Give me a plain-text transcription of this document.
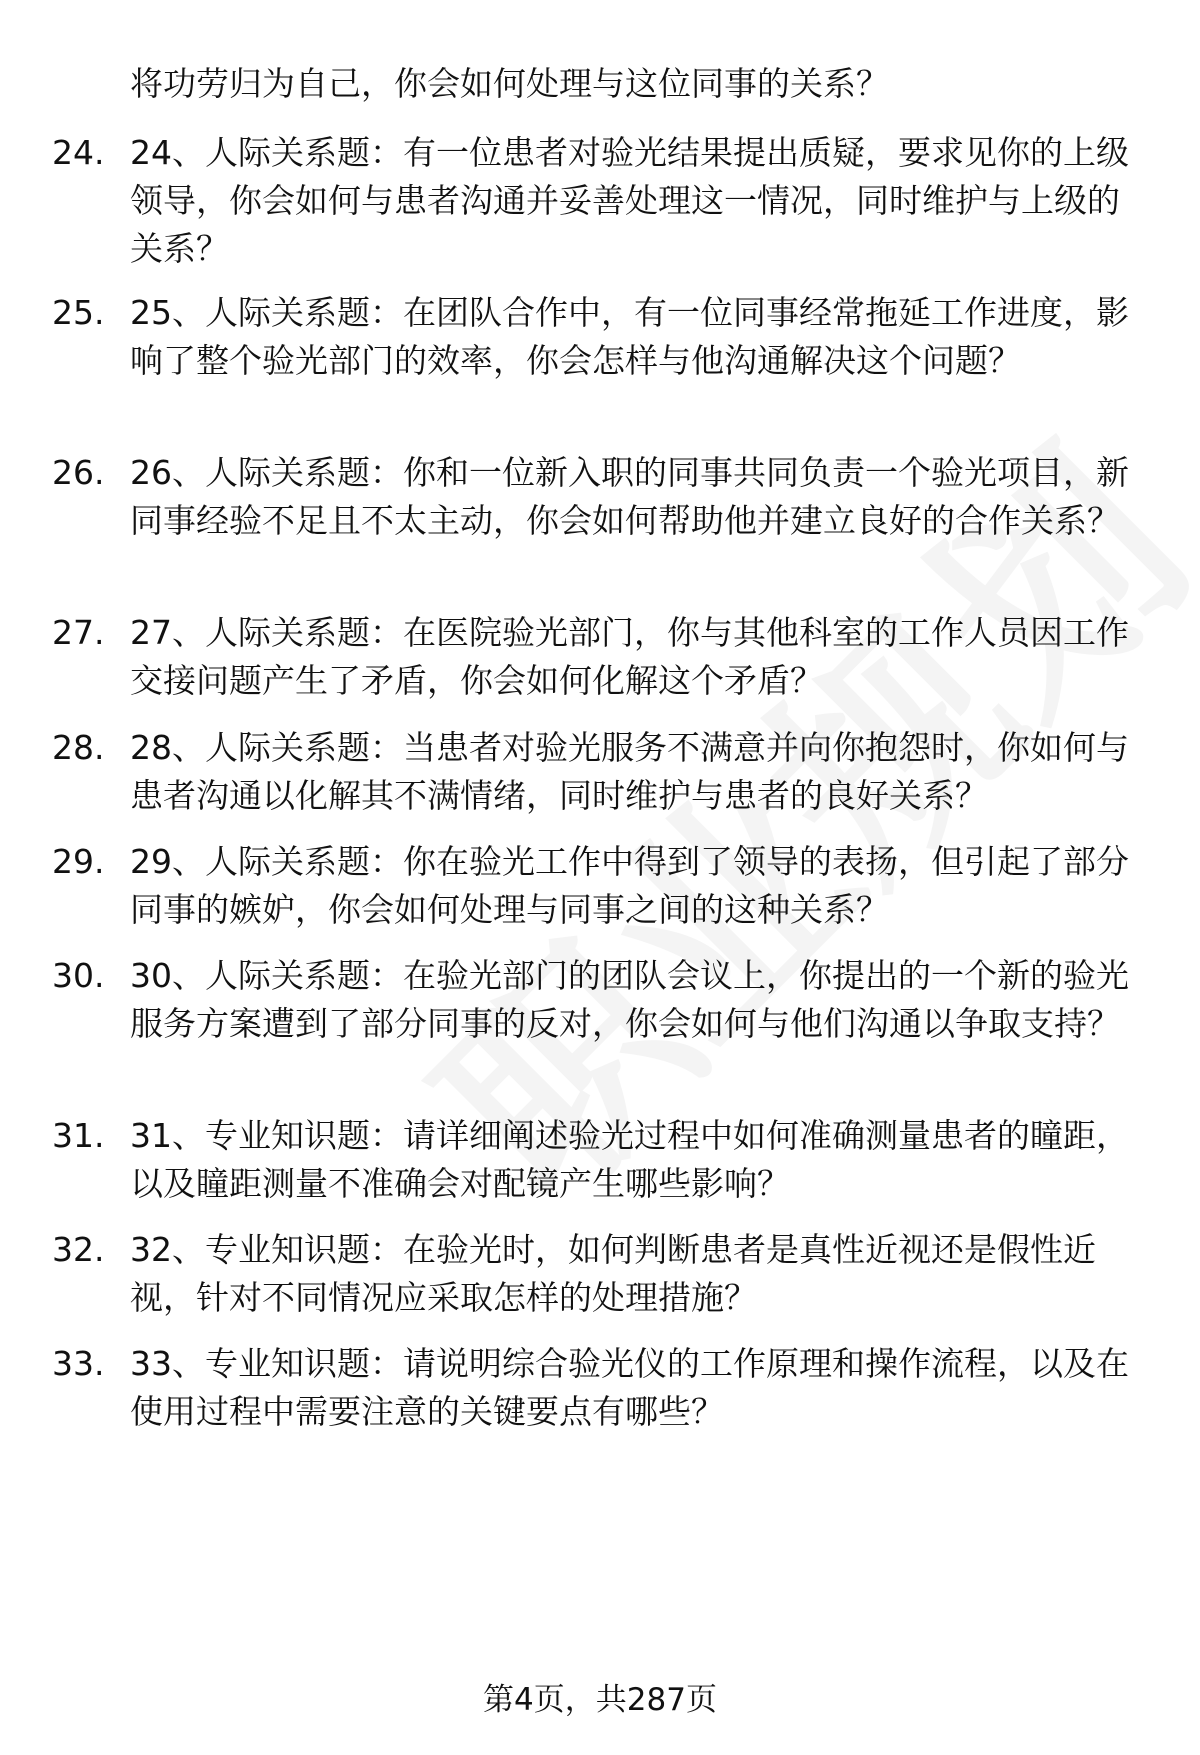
将功劳归为自己，你会如何处理与这位同事的关系？

24. 24、人际关系题：有一位患者对验光结果提出质疑，要求见你的上级领导，你会如何与患者沟通并妥善处理这一情况，同时维护与上级的关系？

25. 25、人际关系题：在团队合作中，有一位同事经常拖延工作进度，影响了整个验光部门的效率，你会怎样与他沟通解决这个问题？

26. 26、人际关系题：你和一位新入职的同事共同负责一个验光项目，新同事经验不足且不太主动，你会如何帮助他并建立良好的合作关系？

27. 27、人际关系题：在医院验光部门，你与其他科室的工作人员因工作交接问题产生了矛盾，你会如何化解这个矛盾？

28. 28、人际关系题：当患者对验光服务不满意并向你抱怨时，你如何与患者沟通以化解其不满情绪，同时维护与患者的良好关系？

29. 29、人际关系题：你在验光工作中得到了领导的表扬，但引起了部分同事的嫉妒，你会如何处理与同事之间的这种关系？

30. 30、人际关系题：在验光部门的团队会议上，你提出的一个新的验光服务方案遭到了部分同事的反对，你会如何与他们沟通以争取支持？

31. 31、专业知识题：请详细阐述验光过程中如何准确测量患者的瞳距，以及瞳距测量不准确会对配镜产生哪些影响？

32. 32、专业知识题：在验光时，如何判断患者是真性近视还是假性近视，针对不同情况应采取怎样的处理措施？

33. 33、专业知识题：请说明综合验光仪的工作原理和操作流程，以及在使用过程中需要注意的关键要点有哪些？

第4页，共287页
